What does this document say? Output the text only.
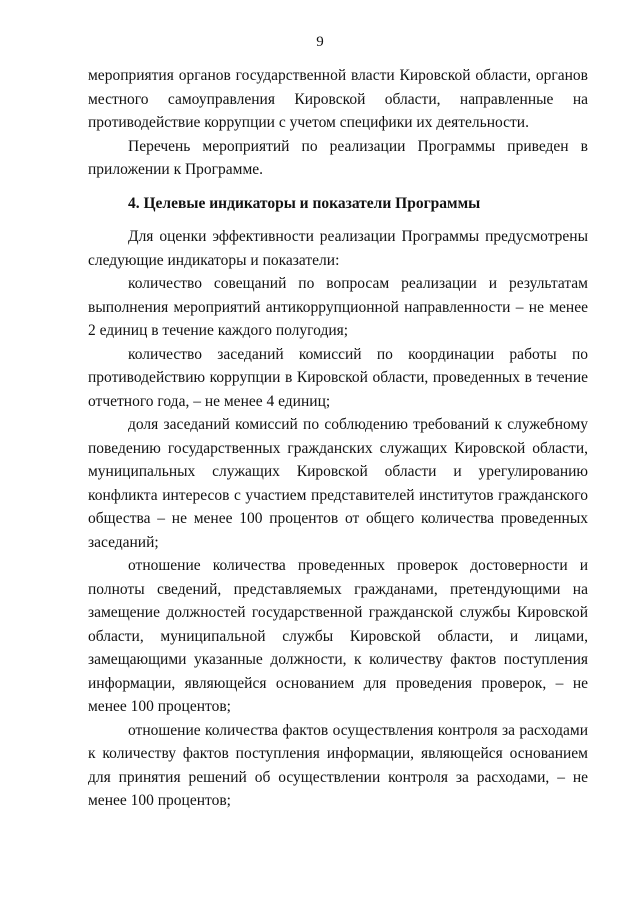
9

мероприятия органов государственной власти Кировской области, органов местного самоуправления Кировской области, направленные на противодействие коррупции с учетом специфики их деятельности.

Перечень мероприятий по реализации Программы приведен в приложении к Программе.

4. Целевые индикаторы и показатели Программы

Для оценки эффективности реализации Программы предусмотрены следующие индикаторы и показатели:

количество совещаний по вопросам реализации и результатам выполнения мероприятий антикоррупционной направленности – не менее 2 единиц в течение каждого полугодия;

количество заседаний комиссий по координации работы по противодействию коррупции в Кировской области, проведенных в течение отчетного года, – не менее 4 единиц;

доля заседаний комиссий по соблюдению требований к служебному поведению государственных гражданских служащих Кировской области, муниципальных служащих Кировской области и урегулированию конфликта интересов с участием представителей институтов гражданского общества – не менее 100 процентов от общего количества проведенных заседаний;

отношение количества проведенных проверок достоверности и полноты сведений, представляемых гражданами, претендующими на замещение должностей государственной гражданской службы Кировской области, муниципальной службы Кировской области, и лицами, замещающими указанные должности, к количеству фактов поступления информации, являющейся основанием для проведения проверок, – не менее 100 процентов;

отношение количества фактов осуществления контроля за расходами к количеству фактов поступления информации, являющейся основанием для принятия решений об осуществлении контроля за расходами, – не менее 100 процентов;
